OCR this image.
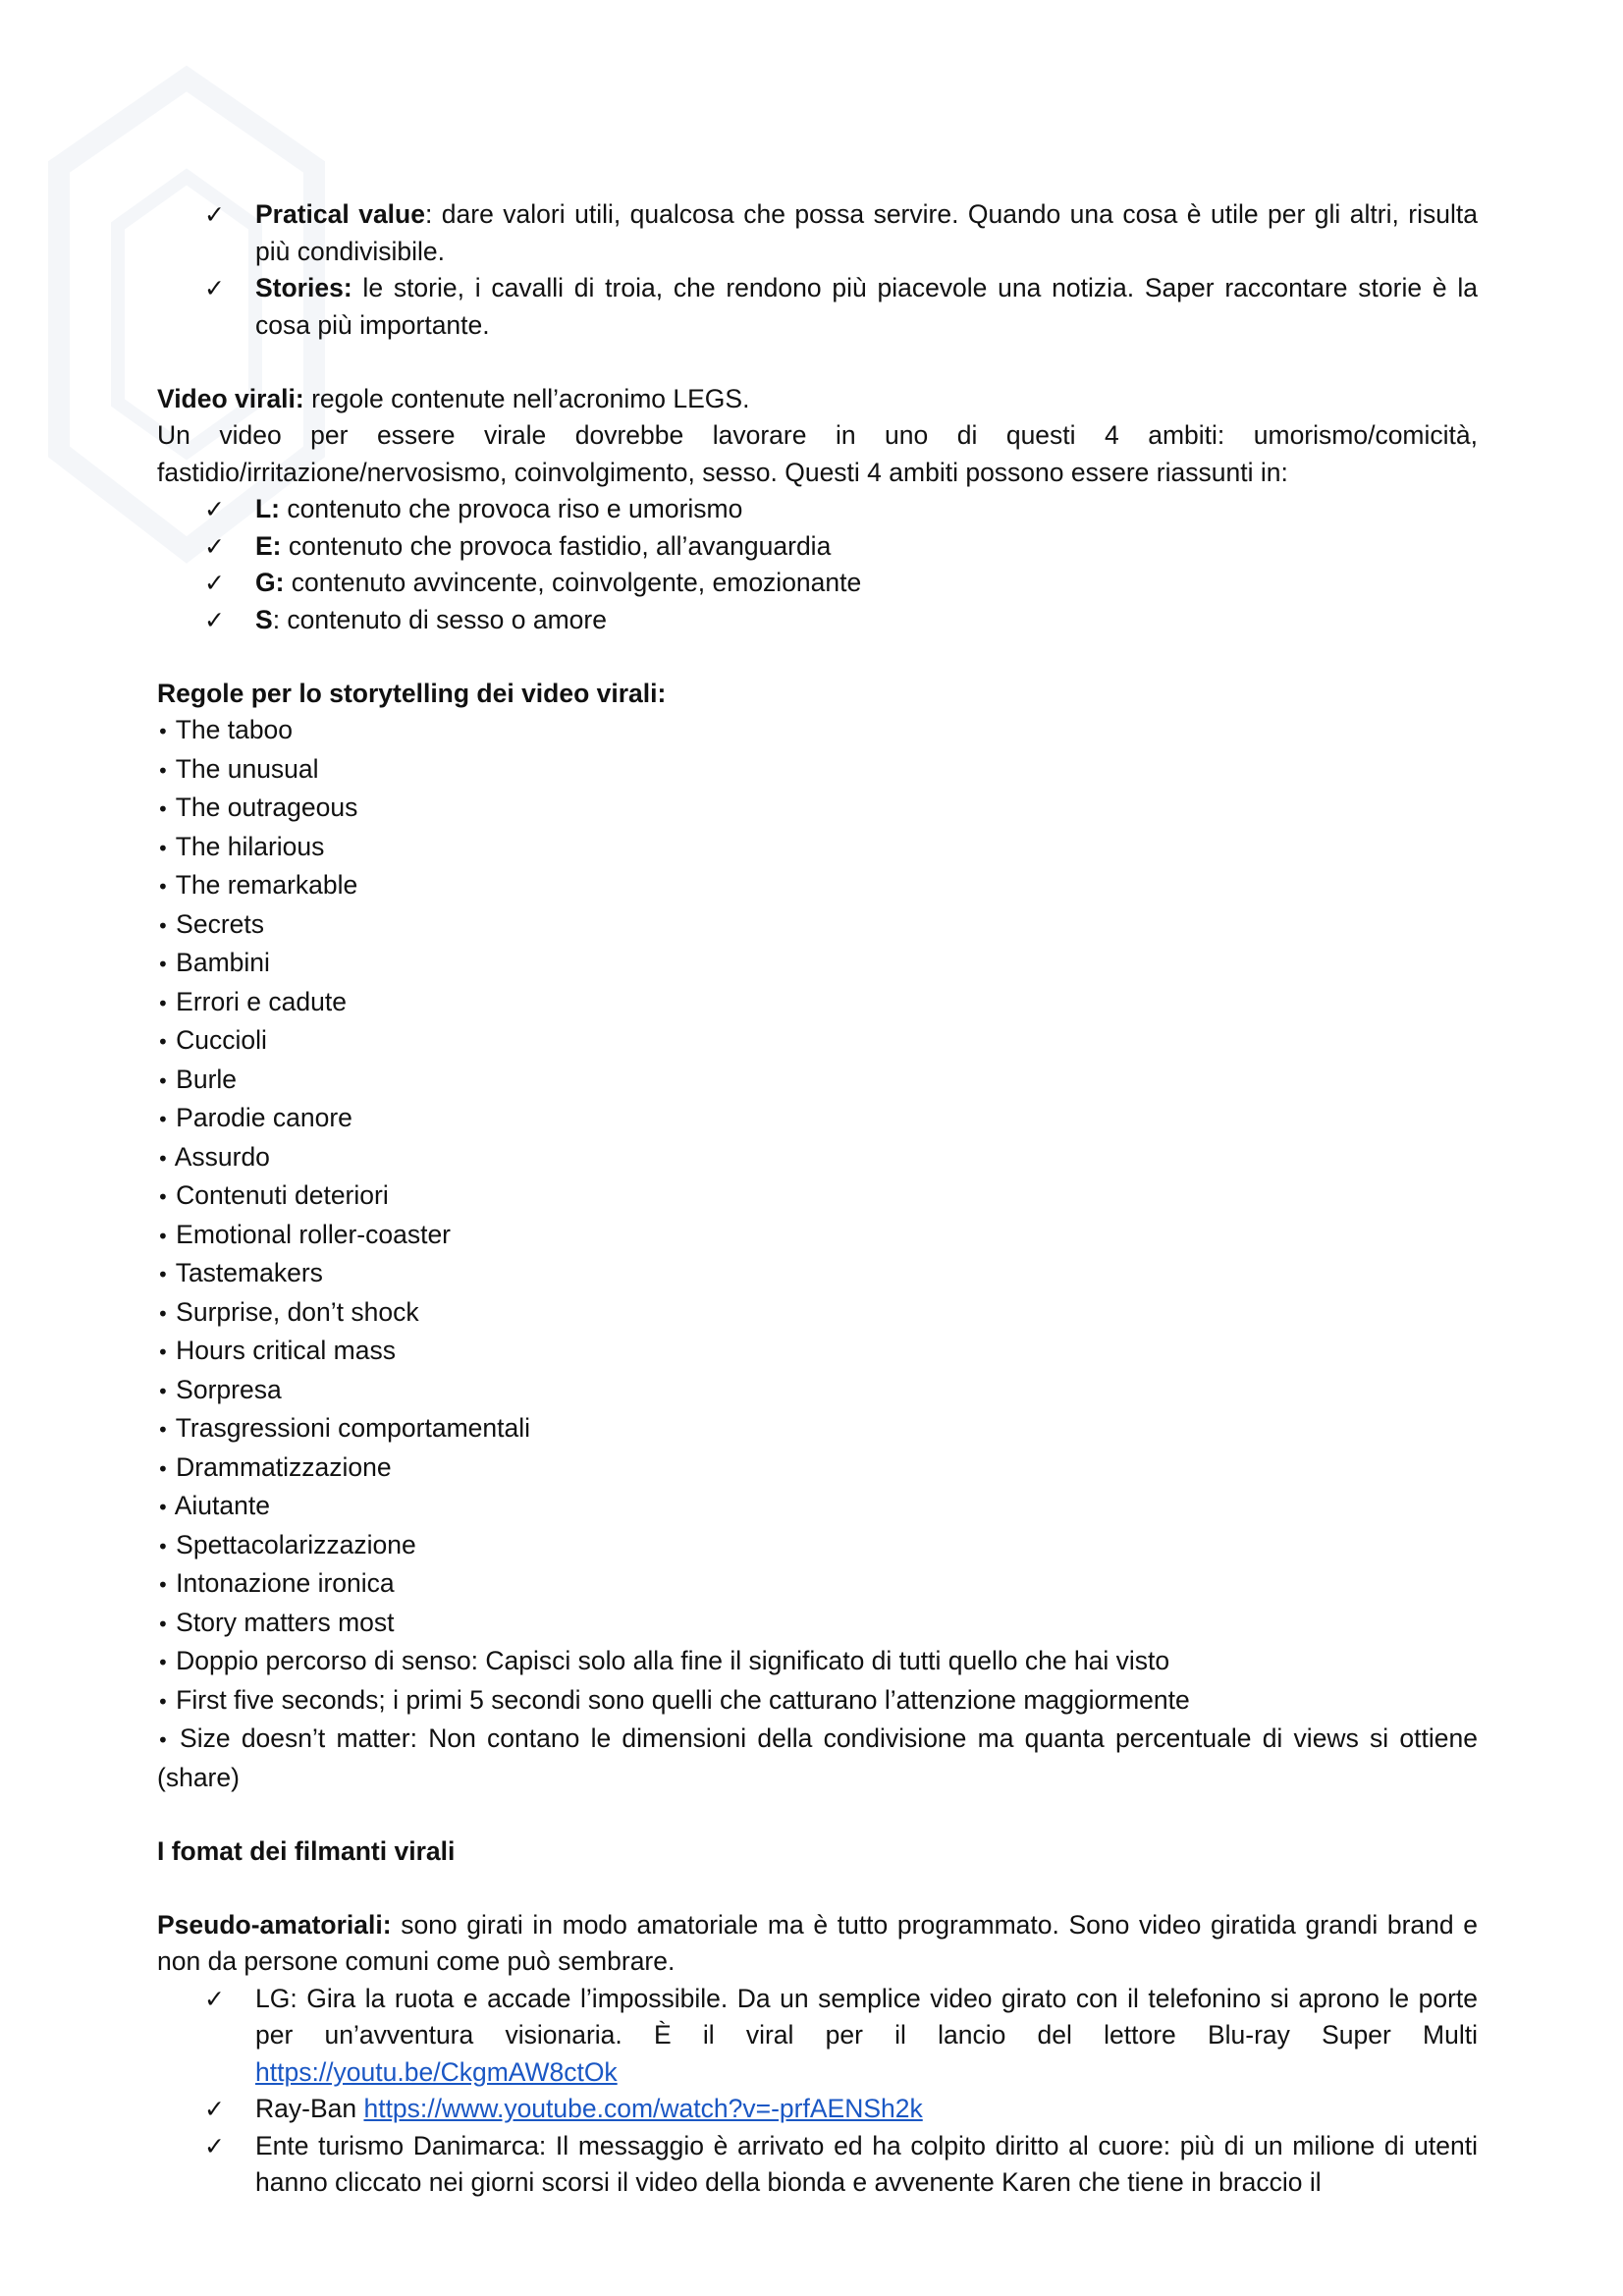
✓ Pratical value: dare valori utili, qualcosa che possa servire. Quando una cosa è utile per gli altri, risulta più condivisibile.
✓ Stories: le storie, i cavalli di troia, che rendono più piacevole una notizia. Saper raccontare storie è la cosa più importante.

Video virali: regole contenute nell’acronimo LEGS.

Un video per essere virale dovrebbe lavorare in uno di questi 4 ambiti: umorismo/comicità, fastidio/irritazione/nervosismo, coinvolgimento, sesso. Questi 4 ambiti possono essere riassunti in:

✓ L: contenuto che provoca riso e umorismo
✓ E: contenuto che provoca fastidio, all’avanguardia
✓ G: contenuto avvincente, coinvolgente, emozionante
✓ S: contenuto di sesso o amore

Regole per lo storytelling dei video virali:

• The taboo
• The unusual
• The outrageous
• The hilarious
• The remarkable
• Secrets
• Bambini
• Errori e cadute
• Cuccioli
• Burle
• Parodie canore
• Assurdo
• Contenuti deteriori
• Emotional roller-coaster
• Tastemakers
• Surprise, don’t shock
• Hours critical mass
• Sorpresa
• Trasgressioni comportamentali
• Drammatizzazione
• Aiutante
• Spettacolarizzazione
• Intonazione ironica
• Story matters most
• Doppio percorso di senso: Capisci solo alla fine il significato di tutti quello che hai visto
• First five seconds; i primi 5 secondi sono quelli che catturano l’attenzione maggiormente
• Size doesn’t matter: Non contano le dimensioni della condivisione ma quanta percentuale di views si ottiene (share)

I fomat dei filmanti virali

Pseudo-amatoriali: sono girati in modo amatoriale ma è tutto programmato. Sono video giratida grandi brand e non da persone comuni come può sembrare.

✓ LG: Gira la ruota e accade l’impossibile. Da un semplice video girato con il telefonino si aprono le porte per un’avventura visionaria. È il viral per il lancio del lettore Blu-ray Super Multi https://youtu.be/CkgmAW8ctOk
✓ Ray-Ban https://www.youtube.com/watch?v=-prfAENSh2k
✓ Ente turismo Danimarca: Il messaggio è arrivato ed ha colpito diritto al cuore: più di un milione di utenti hanno cliccato nei giorni scorsi il video della bionda e avvenente Karen che tiene in braccio il
